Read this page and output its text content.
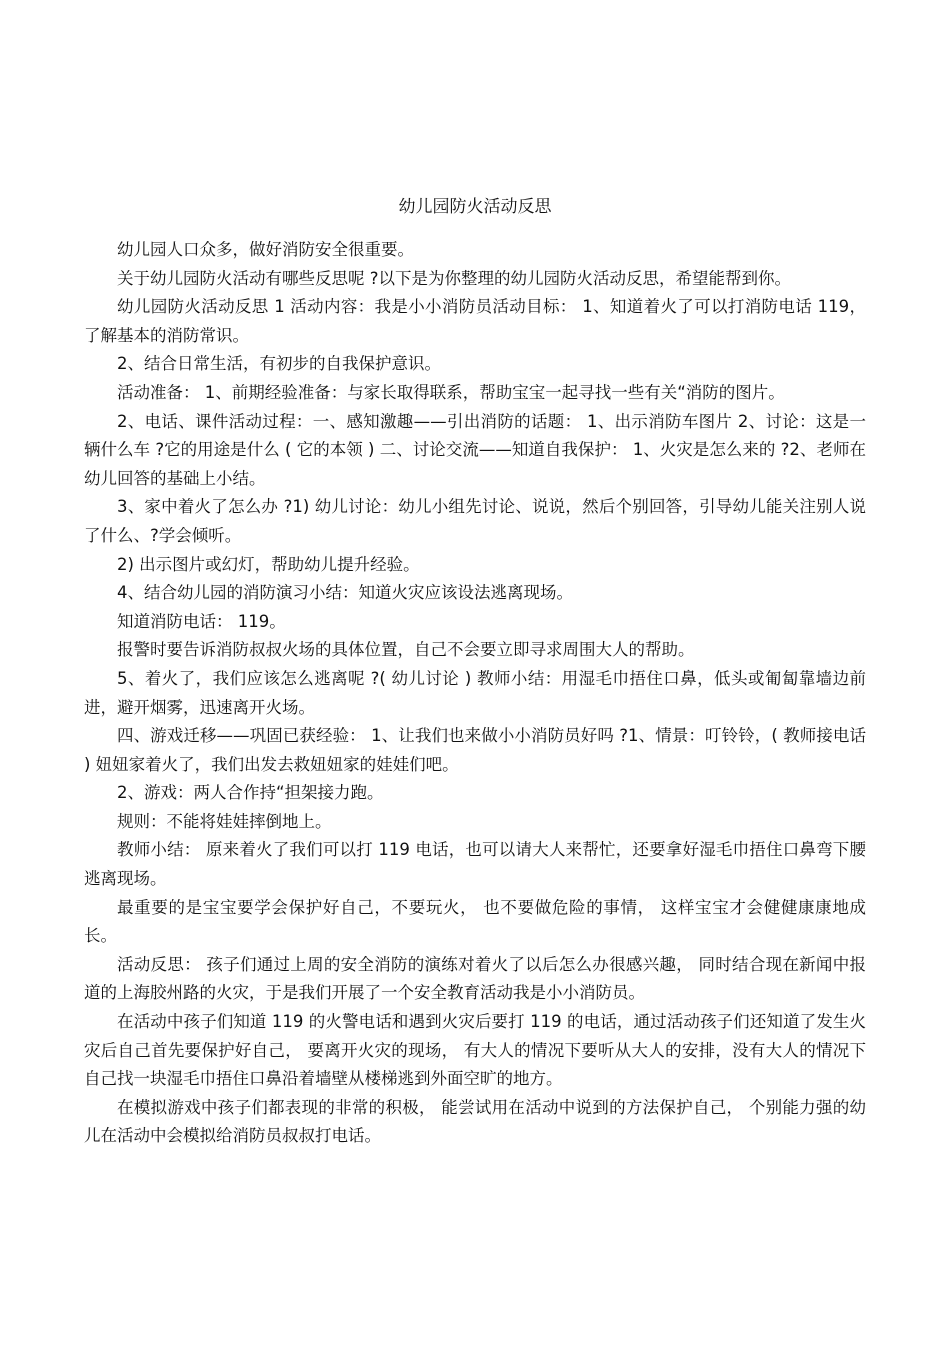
幼儿园防火活动反思

幼儿园人口众多，做好消防安全很重要。

关于幼儿园防火活动有哪些反思呢 ?以下是为你整理的幼儿园防火活动反思，希望能帮到你。

幼儿园防火活动反思 1 活动内容：我是小小消防员活动目标： 1、知道着火了可以打消防电话 119，了解基本的消防常识。

2、结合日常生活，有初步的自我保护意识。

活动准备： 1、前期经验准备：与家长取得联系，帮助宝宝一起寻找一些有关“消防的图片。

2、电话、课件活动过程：一、感知激趣——引出消防的话题： 1、出示消防车图片 2、讨论：这是一辆什么车 ?它的用途是什么 ( 它的本领 ) 二、讨论交流——知道自我保护： 1、火灾是怎么来的 ?2、老师在幼儿回答的基础上小结。

3、家中着火了怎么办 ?1) 幼儿讨论：幼儿小组先讨论、说说，然后个别回答，引导幼儿能关注别人说了什么、?学会倾听。

2) 出示图片或幻灯，帮助幼儿提升经验。

4、结合幼儿园的消防演习小结：知道火灾应该设法逃离现场。

知道消防电话： 119。

报警时要告诉消防叔叔火场的具体位置，自己不会要立即寻求周围大人的帮助。

5、着火了，我们应该怎么逃离呢 ?( 幼儿讨论 ) 教师小结：用湿毛巾捂住口鼻，低头或匍匐靠墙边前进，避开烟雾，迅速离开火场。

四、游戏迁移——巩固已获经验： 1、让我们也来做小小消防员好吗 ?1、情景：叮铃铃，( 教师接电话 ) 妞妞家着火了，我们出发去救妞妞家的娃娃们吧。

2、游戏：两人合作持“担架接力跑。

规则：不能将娃娃摔倒地上。

教师小结： 原来着火了我们可以打 119 电话，也可以请大人来帮忙，还要拿好湿毛巾捂住口鼻弯下腰逃离现场。

最重要的是宝宝要学会保护好自己，不要玩火， 也不要做危险的事情， 这样宝宝才会健健康康地成长。

活动反思： 孩子们通过上周的安全消防的演练对着火了以后怎么办很感兴趣， 同时结合现在新闻中报道的上海胶州路的火灾，于是我们开展了一个安全教育活动我是小小消防员。

在活动中孩子们知道 119 的火警电话和遇到火灾后要打 119 的电话，通过活动孩子们还知道了发生火灾后自己首先要保护好自己， 要离开火灾的现场， 有大人的情况下要听从大人的安排，没有大人的情况下自己找一块湿毛巾捂住口鼻沿着墙壁从楼梯逃到外面空旷的地方。

在模拟游戏中孩子们都表现的非常的积极， 能尝试用在活动中说到的方法保护自己， 个别能力强的幼儿在活动中会模拟给消防员叔叔打电话。
